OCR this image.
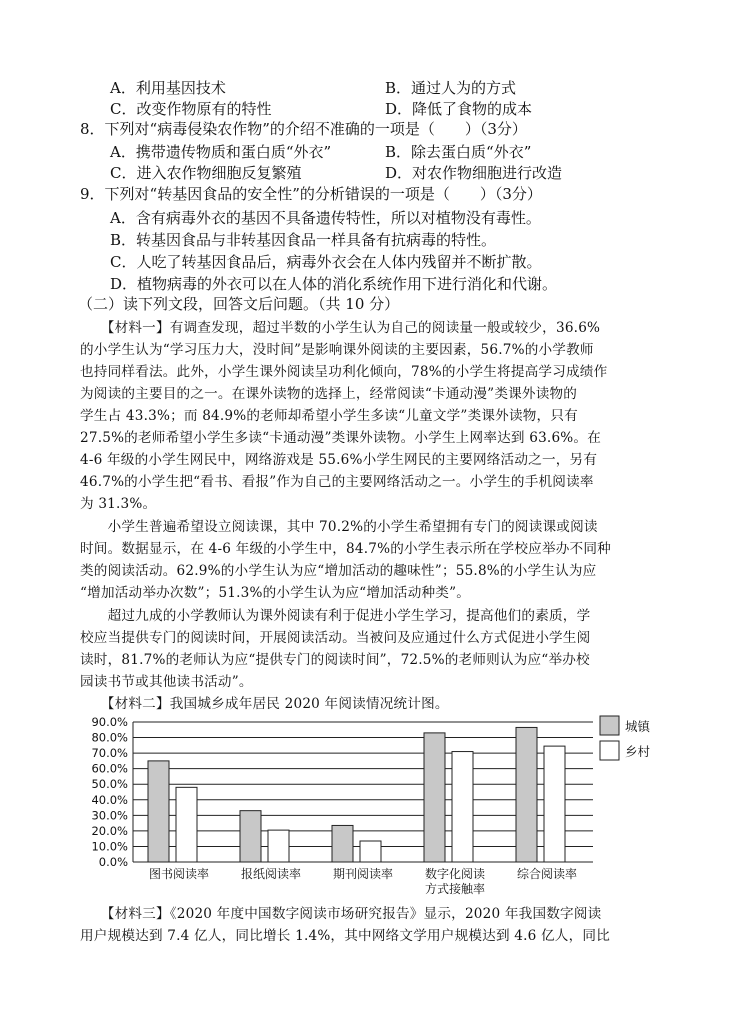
A．利用基因技术	B．通过人为的方式
C．改变作物原有的特性	D．降低了食物的成本
8．下列对“病毒侵染农作物”的介绍不准确的一项是（　　）（3分）
A．携带遗传物质和蛋白质“外衣”	B．除去蛋白质“外衣”
C．进入农作物细胞反复繁殖	D．对农作物细胞进行改造
9．下列对“转基因食品的安全性”的分析错误的一项是（　　）（3分）
A．含有病毒外衣的基因不具备遗传特性，所以对植物没有毒性。
B．转基因食品与非转基因食品一样具备有抗病毒的特性。
C．人吃了转基因食品后，病毒外衣会在人体内残留并不断扩散。
D．植物病毒的外衣可以在人体的消化系统作用下进行消化和代谢。
（二）读下列文段，回答文后问题。（共 10 分）
　　【材料一】有调查发现，超过半数的小学生认为自己的阅读量一般或较少，36.6%
的小学生认为“学习压力大，没时间”是影响课外阅读的主要因素，56.7%的小学教师
也持同样看法。此外，小学生课外阅读呈功利化倾向，78%的小学生将提高学习成绩作
为阅读的主要目的之一。在课外读物的选择上，经常阅读“卡通动漫”类课外读物的
学生占 43.3%；而 84.9%的老师却希望小学生多读“儿童文学”类课外读物，只有
27.5%的老师希望小学生多读“卡通动漫”类课外读物。小学生上网率达到 63.6%。在
4-6 年级的小学生网民中，网络游戏是 55.6%小学生网民的主要网络活动之一，另有
46.7%的小学生把“看书、看报”作为自己的主要网络活动之一。小学生的手机阅读率
为 31.3%。
　　小学生普遍希望设立阅读课，其中 70.2%的小学生希望拥有专门的阅读课或阅读
时间。数据显示，在 4-6 年级的小学生中，84.7%的小学生表示所在学校应举办不同种
类的阅读活动。62.9%的小学生认为应“增加活动的趣味性”；55.8%的小学生认为应
“增加活动举办次数”；51.3%的小学生认为应“增加活动种类”。
　　超过九成的小学教师认为课外阅读有利于促进小学生学习，提高他们的素质，学
校应当提供专门的阅读时间，开展阅读活动。当被问及应通过什么方式促进小学生阅
读时，81.7%的老师认为应“提供专门的阅读时间”，72.5%的老师则认为应“举办校
园读书节或其他读书活动”。
　　【材料二】我国城乡成年居民 2020 年阅读情况统计图。
90.0%
80.0%
70.0%
60.0%
50.0%
40.0%
30.0%
20.0%
10.0%
0.0%
图书阅读率	报纸阅读率	期刊阅读率	数字化阅读
方式接触率
综合阅读率
城镇
乡村
　　【材料三】《2020 年度中国数字阅读市场研究报告》显示，2020 年我国数字阅读
用户规模达到 7.4 亿人，同比增长 1.4%，其中网络文学用户规模达到 4.6 亿人，同比
